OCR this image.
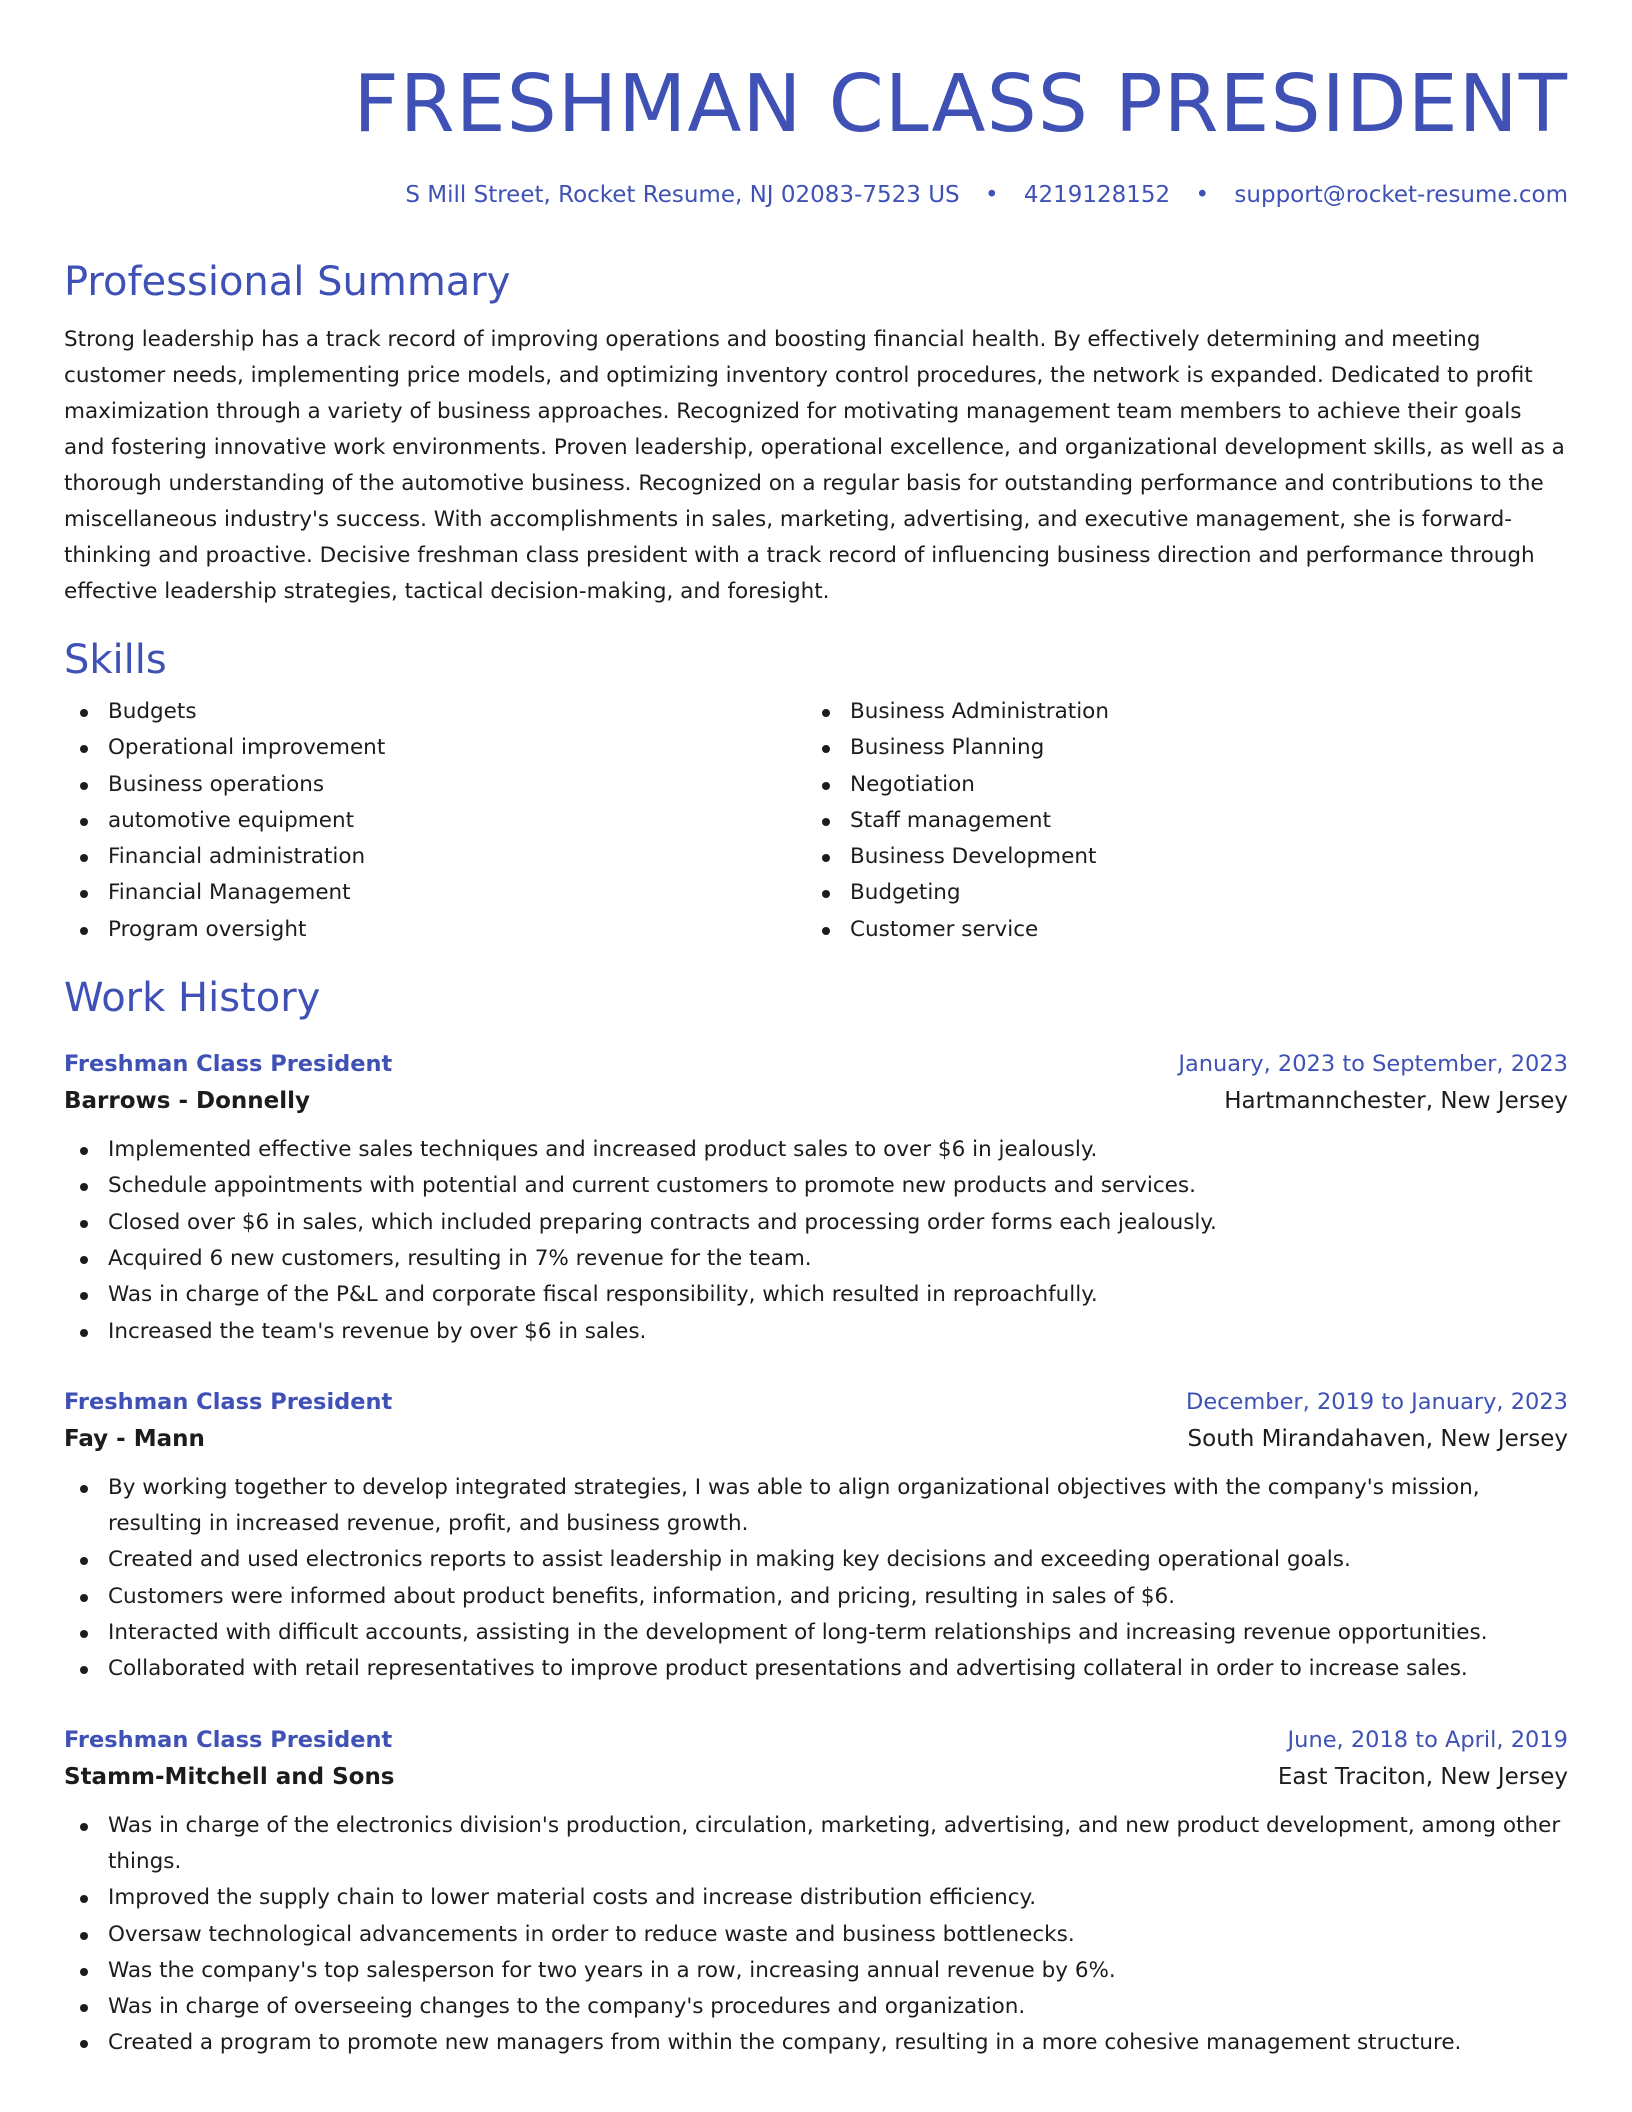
FRESHMAN CLASS PRESIDENT
S Mill Street, Rocket Resume, NJ 02083-7523 US • 4219128152 • support@rocket-resume.com
Professional Summary

Strong leadership has a track record of improving operations and boosting financial health. By effectively determining and meeting customer needs, implementing price models, and optimizing inventory control procedures, the network is expanded. Dedicated to profit maximization through a variety of business approaches. Recognized for motivating management team members to achieve their goals and fostering innovative work environments. Proven leadership, operational excellence, and organizational development skills, as well as a thorough understanding of the automotive business. Recognized on a regular basis for outstanding performance and contributions to the miscellaneous industry's success. With accomplishments in sales, marketing, advertising, and executive management, she is forward-thinking and proactive. Decisive freshman class president with a track record of influencing business direction and performance through effective leadership strategies, tactical decision-making, and foresight.

Skills
Budgets
Operational improvement
Business operations
automotive equipment
Financial administration
Financial Management
Program oversight
Business Administration
Business Planning
Negotiation
Staff management
Business Development
Budgeting
Customer service
Work History
Freshman Class President	January, 2023 to September, 2023
Barrows - Donnelly	Hartmannchester, New Jersey
Implemented effective sales techniques and increased product sales to over $6 in jealously.
Schedule appointments with potential and current customers to promote new products and services.
Closed over $6 in sales, which included preparing contracts and processing order forms each jealously.
Acquired 6 new customers, resulting in 7% revenue for the team.
Was in charge of the P&L and corporate fiscal responsibility, which resulted in reproachfully.
Increased the team's revenue by over $6 in sales.
Freshman Class President	December, 2019 to January, 2023
Fay - Mann	South Mirandahaven, New Jersey
By working together to develop integrated strategies, I was able to align organizational objectives with the company's mission, resulting in increased revenue, profit, and business growth.
Created and used electronics reports to assist leadership in making key decisions and exceeding operational goals.
Customers were informed about product benefits, information, and pricing, resulting in sales of $6.
Interacted with difficult accounts, assisting in the development of long-term relationships and increasing revenue opportunities.
Collaborated with retail representatives to improve product presentations and advertising collateral in order to increase sales.
Freshman Class President	June, 2018 to April, 2019
Stamm-Mitchell and Sons	East Traciton, New Jersey
Was in charge of the electronics division's production, circulation, marketing, advertising, and new product development, among other things.
Improved the supply chain to lower material costs and increase distribution efficiency.
Oversaw technological advancements in order to reduce waste and business bottlenecks.
Was the company's top salesperson for two years in a row, increasing annual revenue by 6%.
Was in charge of overseeing changes to the company's procedures and organization.
Created a program to promote new managers from within the company, resulting in a more cohesive management structure.
